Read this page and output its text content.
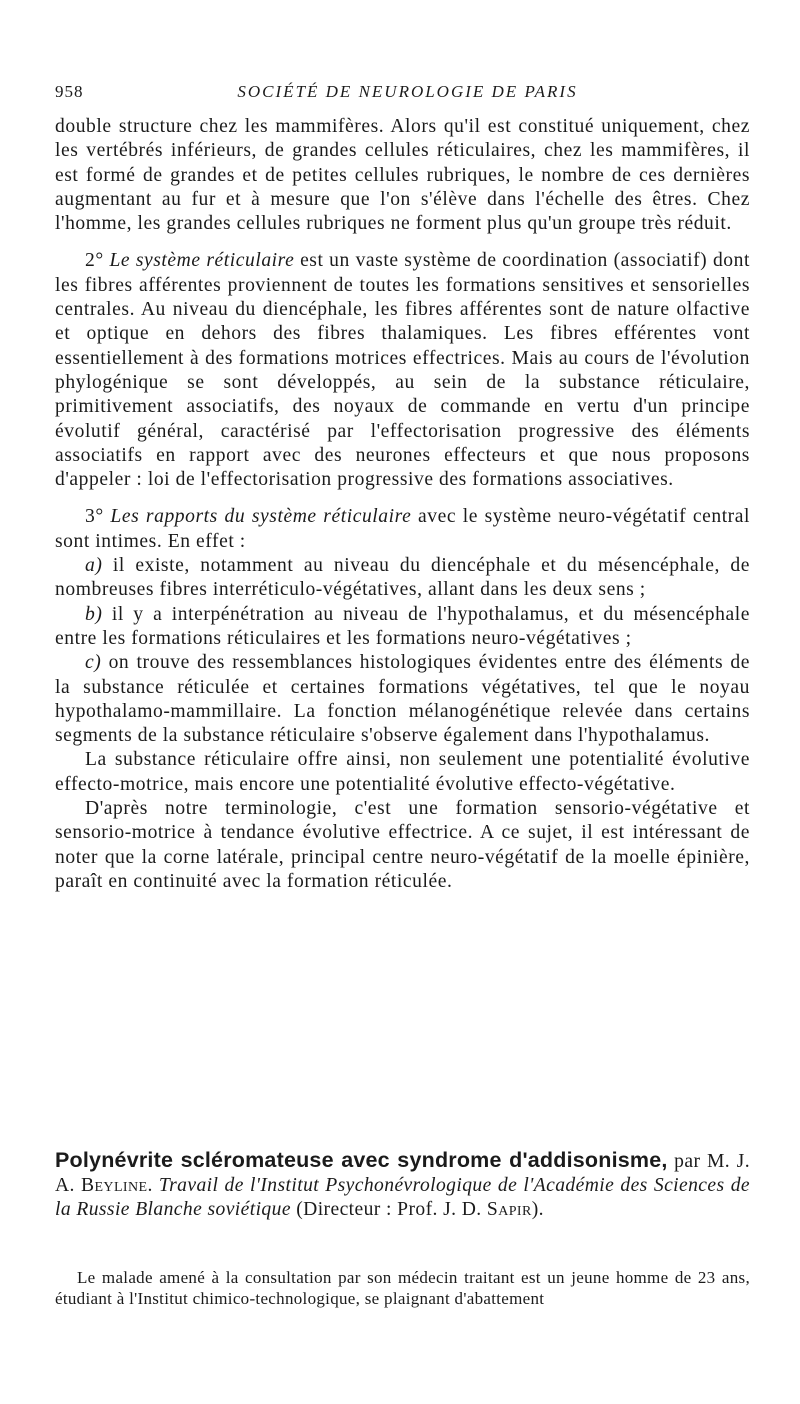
958	SOCIÉTÉ DE NEUROLOGIE DE PARIS

double structure chez les mammifères. Alors qu'il est constitué uniquement, chez les vertébrés inférieurs, de grandes cellules réticulaires, chez les mammifères, il est formé de grandes et de petites cellules rubriques, le nombre de ces dernières augmentant au fur et à mesure que l'on s'élève dans l'échelle des êtres. Chez l'homme, les grandes cellules rubriques ne forment plus qu'un groupe très réduit.

2° Le système réticulaire est un vaste système de coordination (associatif) dont les fibres afférentes proviennent de toutes les formations sensitives et sensorielles centrales. Au niveau du diencéphale, les fibres afférentes sont de nature olfactive et optique en dehors des fibres thalamiques. Les fibres efférentes vont essentiellement à des formations motrices effectrices. Mais au cours de l'évolution phylogénique se sont développés, au sein de la substance réticulaire, primitivement associatifs, des noyaux de commande en vertu d'un principe évolutif général, caractérisé par l'effectorisation progressive des éléments associatifs en rapport avec des neurones effecteurs et que nous proposons d'appeler : loi de l'effectorisation progressive des formations associatives.

3° Les rapports du système réticulaire avec le système neuro-végétatif central sont intimes. En effet :

a) il existe, notamment au niveau du diencéphale et du mésencéphale, de nombreuses fibres interréticulo-végétatives, allant dans les deux sens ;

b) il y a interpénétration au niveau de l'hypothalamus, et du mésencéphale entre les formations réticulaires et les formations neuro-végétatives ;

c) on trouve des ressemblances histologiques évidentes entre des éléments de la substance réticulée et certaines formations végétatives, tel que le noyau hypothalamo-mammillaire. La fonction mélanogénétique relevée dans certains segments de la substance réticulaire s'observe également dans l'hypothalamus.

La substance réticulaire offre ainsi, non seulement une potentialité évolutive effecto-motrice, mais encore une potentialité évolutive effecto-végétative.

D'après notre terminologie, c'est une formation sensorio-végétative et sensorio-motrice à tendance évolutive effectrice. A ce sujet, il est intéressant de noter que la corne latérale, principal centre neuro-végétatif de la moelle épinière, paraît en continuité avec la formation réticulée.

Polynévrite scléromateuse avec syndrome d'addisonisme, par M. J. A. Beyline. Travail de l'Institut Psychonévrologique de l'Académie des Sciences de la Russie Blanche soviétique (Directeur : Prof. J. D. Sapir).

Le malade amené à la consultation par son médecin traitant est un jeune homme de 23 ans, étudiant à l'Institut chimico-technologique, se plaignant d'abattement
